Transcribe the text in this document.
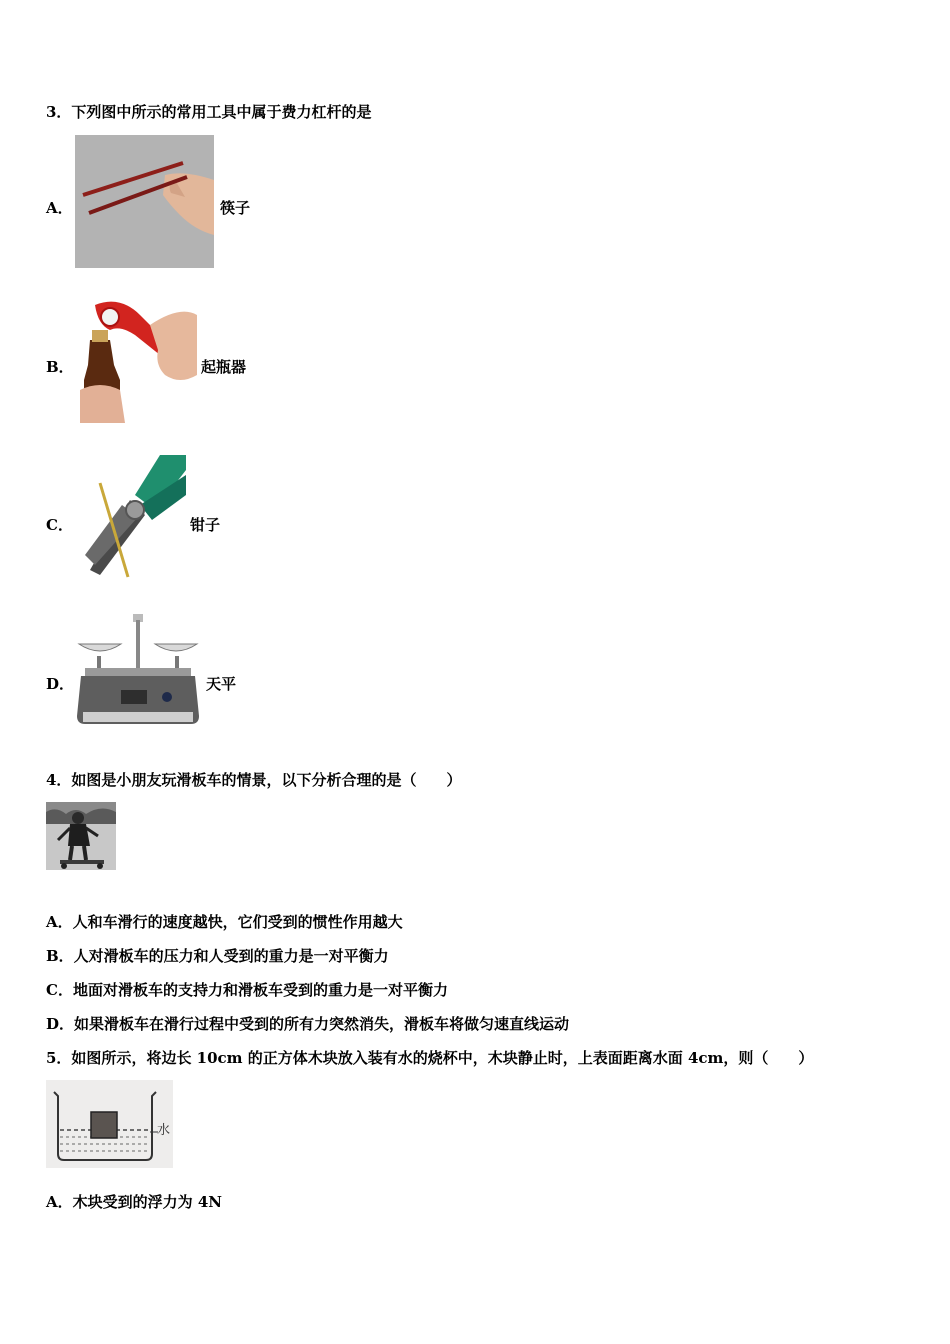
3．下列图中所示的常用工具中属于费力杠杆的是
A．	筷子
B．	起瓶器
C．	钳子
D．	天平
4．如图是小朋友玩滑板车的情景，以下分析合理的是（　　）
A．人和车滑行的速度越快，它们受到的惯性作用越大
B．人对滑板车的压力和人受到的重力是一对平衡力
C．地面对滑板车的支持力和滑板车受到的重力是一对平衡力
D．如果滑板车在滑行过程中受到的所有力突然消失，滑板车将做匀速直线运动
5．如图所示，将边长 10cm 的正方体木块放入装有水的烧杯中，木块静止时，上表面距离水面 4cm，则（　　）
水
A．木块受到的浮力为 4N
